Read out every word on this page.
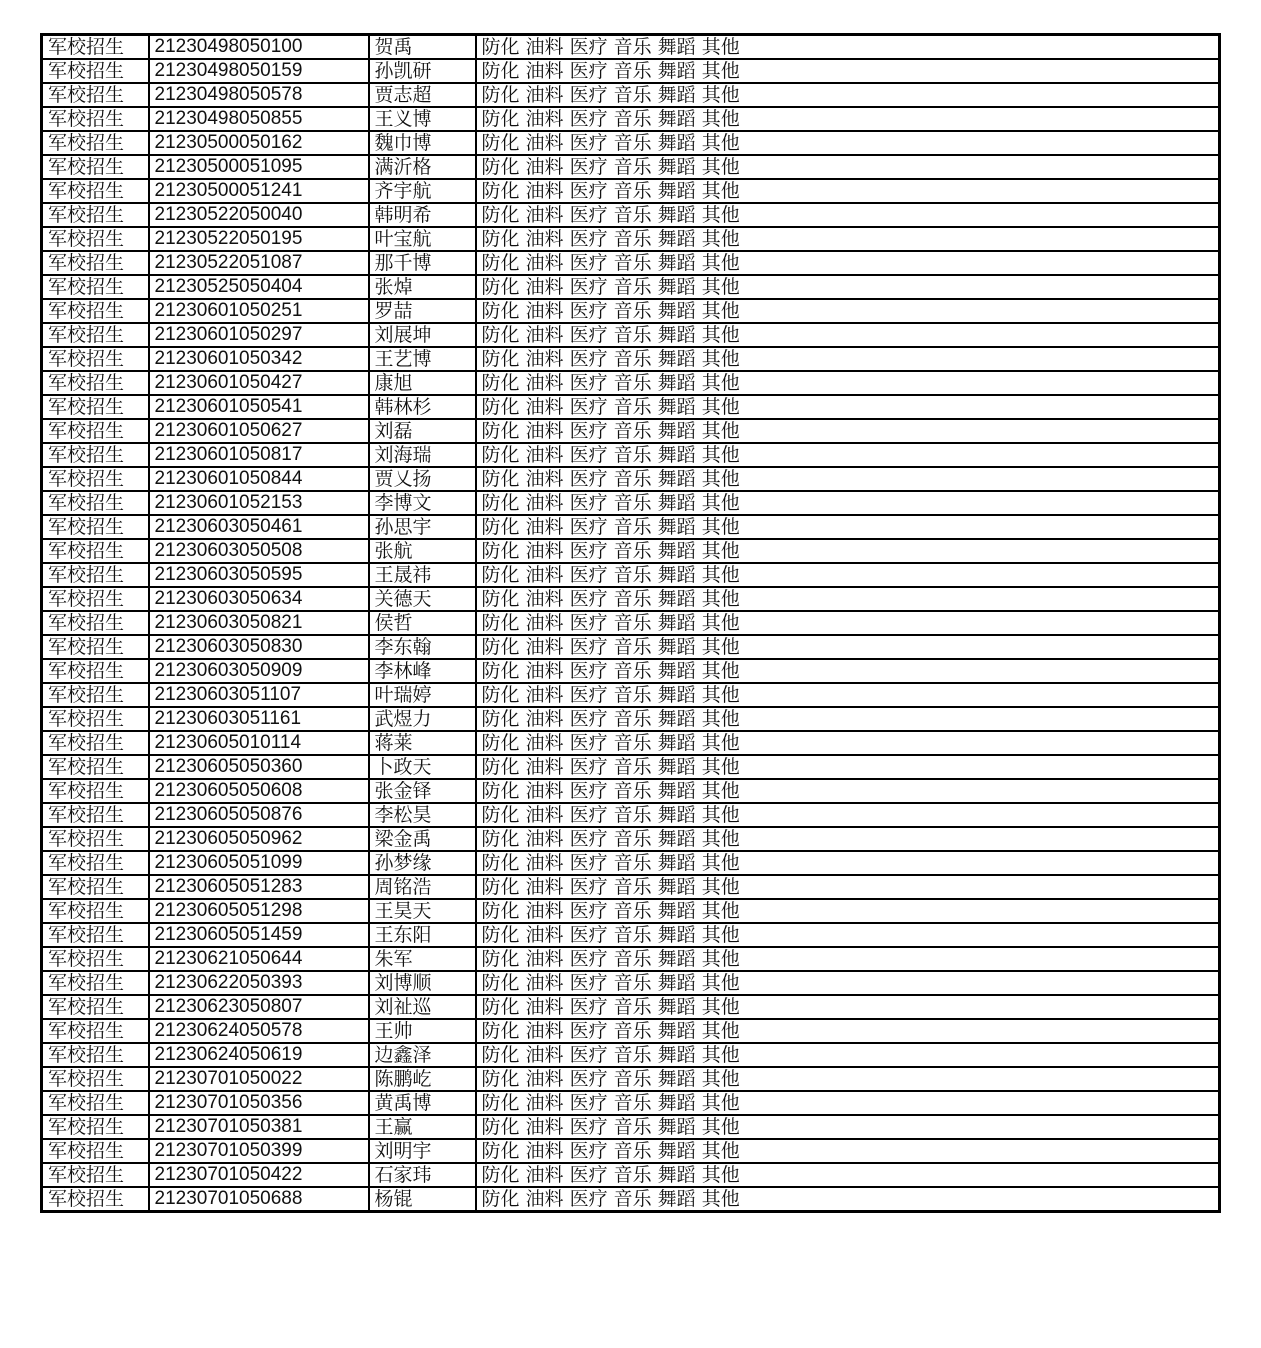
军校招生	21230498050100	贺禹	防化 油料 医疗 音乐 舞蹈 其他
军校招生	21230498050159	孙凯研	防化 油料 医疗 音乐 舞蹈 其他
军校招生	21230498050578	贾志超	防化 油料 医疗 音乐 舞蹈 其他
军校招生	21230498050855	王义博	防化 油料 医疗 音乐 舞蹈 其他
军校招生	21230500050162	魏巾博	防化 油料 医疗 音乐 舞蹈 其他
军校招生	21230500051095	满沂格	防化 油料 医疗 音乐 舞蹈 其他
军校招生	21230500051241	齐宇航	防化 油料 医疗 音乐 舞蹈 其他
军校招生	21230522050040	韩明希	防化 油料 医疗 音乐 舞蹈 其他
军校招生	21230522050195	叶宝航	防化 油料 医疗 音乐 舞蹈 其他
军校招生	21230522051087	那千博	防化 油料 医疗 音乐 舞蹈 其他
军校招生	21230525050404	张焯	防化 油料 医疗 音乐 舞蹈 其他
军校招生	21230601050251	罗喆	防化 油料 医疗 音乐 舞蹈 其他
军校招生	21230601050297	刘展坤	防化 油料 医疗 音乐 舞蹈 其他
军校招生	21230601050342	王艺博	防化 油料 医疗 音乐 舞蹈 其他
军校招生	21230601050427	康旭	防化 油料 医疗 音乐 舞蹈 其他
军校招生	21230601050541	韩林杉	防化 油料 医疗 音乐 舞蹈 其他
军校招生	21230601050627	刘磊	防化 油料 医疗 音乐 舞蹈 其他
军校招生	21230601050817	刘海瑞	防化 油料 医疗 音乐 舞蹈 其他
军校招生	21230601050844	贾乂扬	防化 油料 医疗 音乐 舞蹈 其他
军校招生	21230601052153	李博文	防化 油料 医疗 音乐 舞蹈 其他
军校招生	21230603050461	孙思宇	防化 油料 医疗 音乐 舞蹈 其他
军校招生	21230603050508	张航	防化 油料 医疗 音乐 舞蹈 其他
军校招生	21230603050595	王晟祎	防化 油料 医疗 音乐 舞蹈 其他
军校招生	21230603050634	关德天	防化 油料 医疗 音乐 舞蹈 其他
军校招生	21230603050821	侯哲	防化 油料 医疗 音乐 舞蹈 其他
军校招生	21230603050830	李东翰	防化 油料 医疗 音乐 舞蹈 其他
军校招生	21230603050909	李林峰	防化 油料 医疗 音乐 舞蹈 其他
军校招生	21230603051107	叶瑞婷	防化 油料 医疗 音乐 舞蹈 其他
军校招生	21230603051161	武煜力	防化 油料 医疗 音乐 舞蹈 其他
军校招生	21230605010114	蒋莱	防化 油料 医疗 音乐 舞蹈 其他
军校招生	21230605050360	卜政天	防化 油料 医疗 音乐 舞蹈 其他
军校招生	21230605050608	张金铎	防化 油料 医疗 音乐 舞蹈 其他
军校招生	21230605050876	李松昊	防化 油料 医疗 音乐 舞蹈 其他
军校招生	21230605050962	梁金禹	防化 油料 医疗 音乐 舞蹈 其他
军校招生	21230605051099	孙梦缘	防化 油料 医疗 音乐 舞蹈 其他
军校招生	21230605051283	周铭浩	防化 油料 医疗 音乐 舞蹈 其他
军校招生	21230605051298	王昊天	防化 油料 医疗 音乐 舞蹈 其他
军校招生	21230605051459	王东阳	防化 油料 医疗 音乐 舞蹈 其他
军校招生	21230621050644	朱军	防化 油料 医疗 音乐 舞蹈 其他
军校招生	21230622050393	刘博顺	防化 油料 医疗 音乐 舞蹈 其他
军校招生	21230623050807	刘祉巡	防化 油料 医疗 音乐 舞蹈 其他
军校招生	21230624050578	王帅	防化 油料 医疗 音乐 舞蹈 其他
军校招生	21230624050619	边鑫泽	防化 油料 医疗 音乐 舞蹈 其他
军校招生	21230701050022	陈鹏屹	防化 油料 医疗 音乐 舞蹈 其他
军校招生	21230701050356	黄禹博	防化 油料 医疗 音乐 舞蹈 其他
军校招生	21230701050381	王赢	防化 油料 医疗 音乐 舞蹈 其他
军校招生	21230701050399	刘明宇	防化 油料 医疗 音乐 舞蹈 其他
军校招生	21230701050422	石家玮	防化 油料 医疗 音乐 舞蹈 其他
军校招生	21230701050688	杨锟	防化 油料 医疗 音乐 舞蹈 其他
